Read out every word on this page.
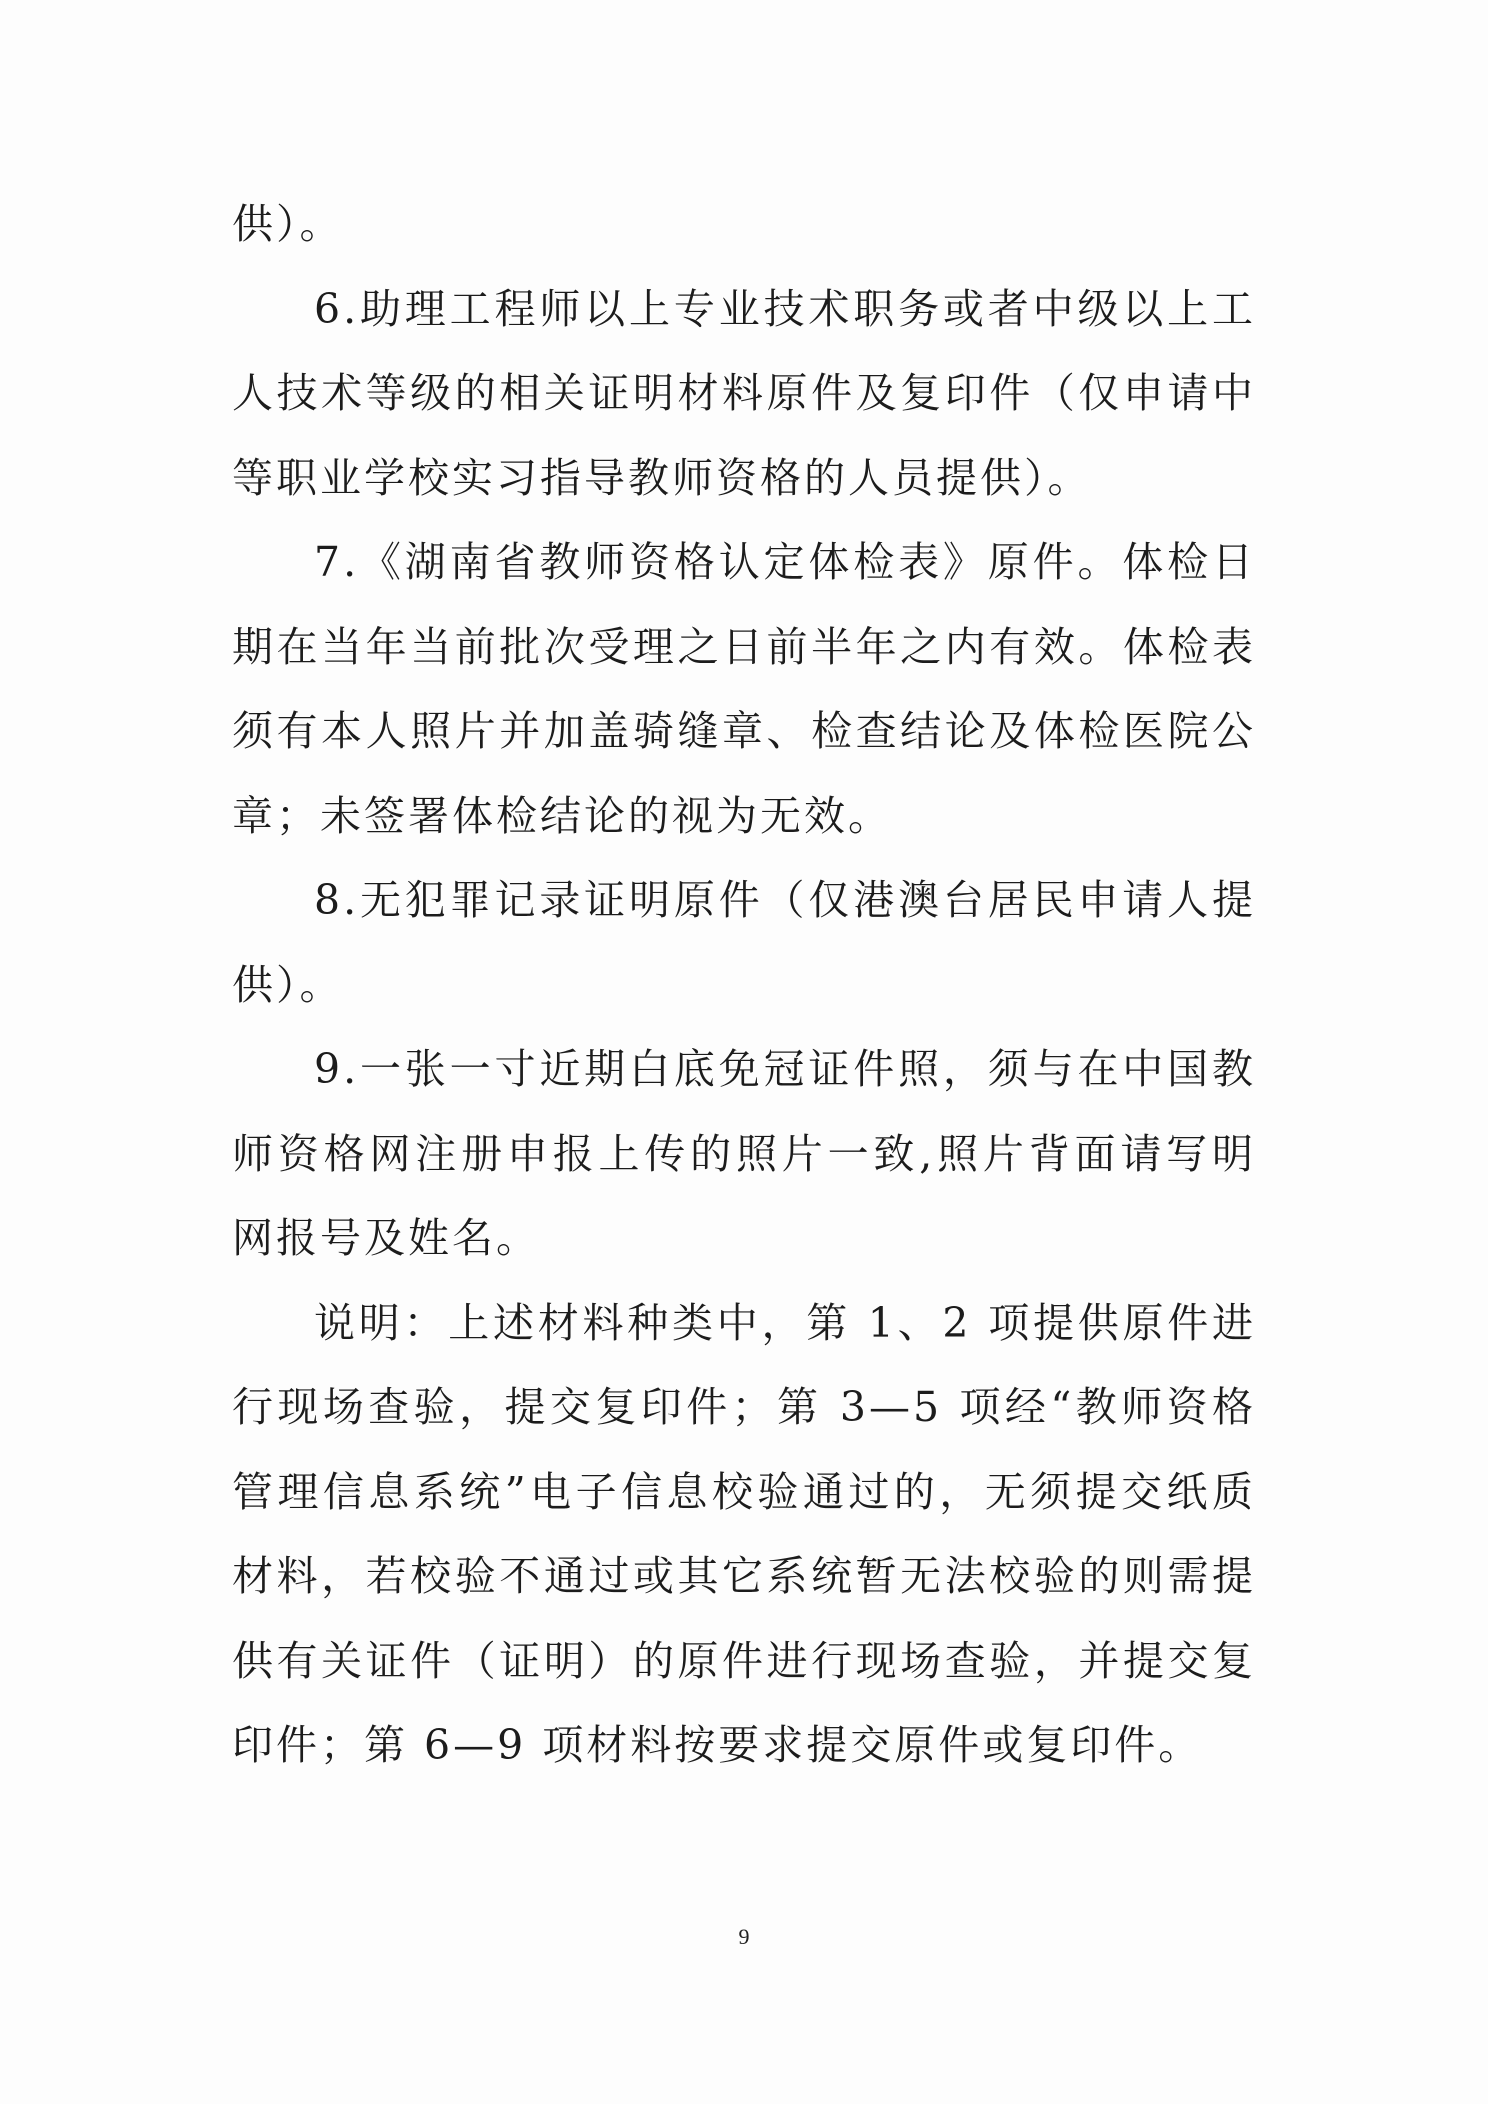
供）。

6.助理工程师以上专业技术职务或者中级以上工人技术等级的相关证明材料原件及复印件（仅申请中等职业学校实习指导教师资格的人员提供）。

7.《湖南省教师资格认定体检表》原件。体检日期在当年当前批次受理之日前半年之内有效。体检表须有本人照片并加盖骑缝章、检查结论及体检医院公章；未签署体检结论的视为无效。

8.无犯罪记录证明原件（仅港澳台居民申请人提供）。

9.一张一寸近期白底免冠证件照，须与在中国教师资格网注册申报上传的照片一致,照片背面请写明网报号及姓名。

说明：上述材料种类中，第 1、2 项提供原件进行现场查验，提交复印件；第 3—5 项经“教师资格管理信息系统”电子信息校验通过的，无须提交纸质材料，若校验不通过或其它系统暂无法校验的则需提供有关证件（证明）的原件进行现场查验，并提交复印件；第 6—9 项材料按要求提交原件或复印件。

9
